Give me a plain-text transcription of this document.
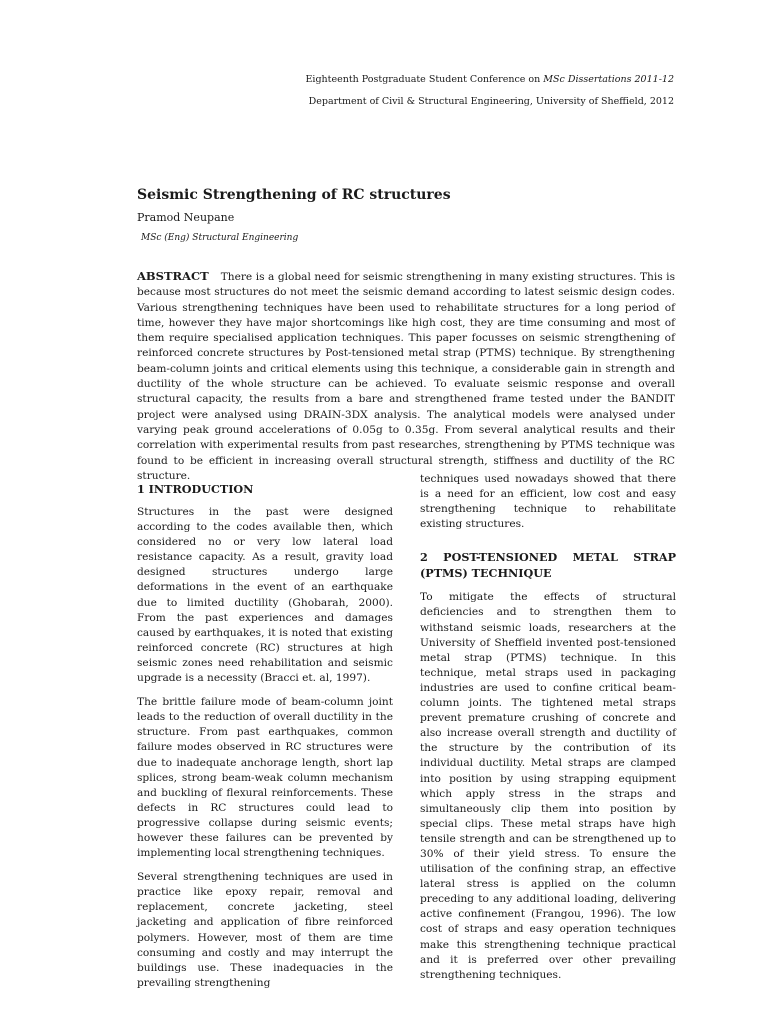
Eighteenth Postgraduate Student Conference on MSc Dissertations 2011-12
Department of Civil & Structural Engineering, University of Sheffield, 2012
Seismic Strengthening of RC structures
Pramod Neupane
MSc (Eng) Structural Engineering

ABSTRACT There is a global need for seismic strengthening in many existing structures. This is because most structures do not meet the seismic demand according to latest seismic design codes. Various strengthening techniques have been used to rehabilitate structures for a long period of time, however they have major shortcomings like high cost, they are time consuming and most of them require specialised application techniques. This paper focusses on seismic strengthening of reinforced concrete structures by Post-tensioned metal strap (PTMS) technique. By strengthening beam-column joints and critical elements using this technique, a considerable gain in strength and ductility of the whole structure can be achieved. To evaluate seismic response and overall structural capacity, the results from a bare and strengthened frame tested under the BANDIT project were analysed using DRAIN-3DX analysis. The analytical models were analysed under varying peak ground accelerations of 0.05g to 0.35g. From several analytical results and their correlation with experimental results from past researches, strengthening by PTMS technique was found to be efficient in increasing overall structural strength, stiffness and ductility of the RC structure.

1 INTRODUCTION

Structures in the past were designed according to the codes available then, which considered no or very low lateral load resistance capacity. As a result, gravity load designed structures undergo large deformations in the event of an earthquake due to limited ductility (Ghobarah, 2000). From the past experiences and damages caused by earthquakes, it is noted that existing reinforced concrete (RC) structures at high seismic zones need rehabilitation and seismic upgrade is a necessity (Bracci et. al, 1997).

The brittle failure mode of beam-column joint leads to the reduction of overall ductility in the structure. From past earthquakes, common failure modes observed in RC structures were due to inadequate anchorage length, short lap splices, strong beam-weak column mechanism and buckling of flexural reinforcements. These defects in RC structures could lead to progressive collapse during seismic events; however these failures can be prevented by implementing local strengthening techniques.

Several strengthening techniques are used in practice like epoxy repair, removal and replacement, concrete jacketing, steel jacketing and application of fibre reinforced polymers. However, most of them are time consuming and costly and may interrupt the buildings use. These inadequacies in the prevailing strengthening

techniques used nowadays showed that there is a need for an efficient, low cost and easy strengthening technique to rehabilitate existing structures.

2 POST-TENSIONED METAL STRAP (PTMS) TECHNIQUE

To mitigate the effects of structural deficiencies and to strengthen them to withstand seismic loads, researchers at the University of Sheffield invented post-tensioned metal strap (PTMS) technique. In this technique, metal straps used in packaging industries are used to confine critical beam-column joints. The tightened metal straps prevent premature crushing of concrete and also increase overall strength and ductility of the structure by the contribution of its individual ductility. Metal straps are clamped into position by using strapping equipment which apply stress in the straps and simultaneously clip them into position by special clips. These metal straps have high tensile strength and can be strengthened up to 30% of their yield stress. To ensure the utilisation of the confining strap, an effective lateral stress is applied on the column preceding to any additional loading, delivering active confinement (Frangou, 1996). The low cost of straps and easy operation techniques make this strengthening technique practical and it is preferred over other prevailing strengthening techniques.
